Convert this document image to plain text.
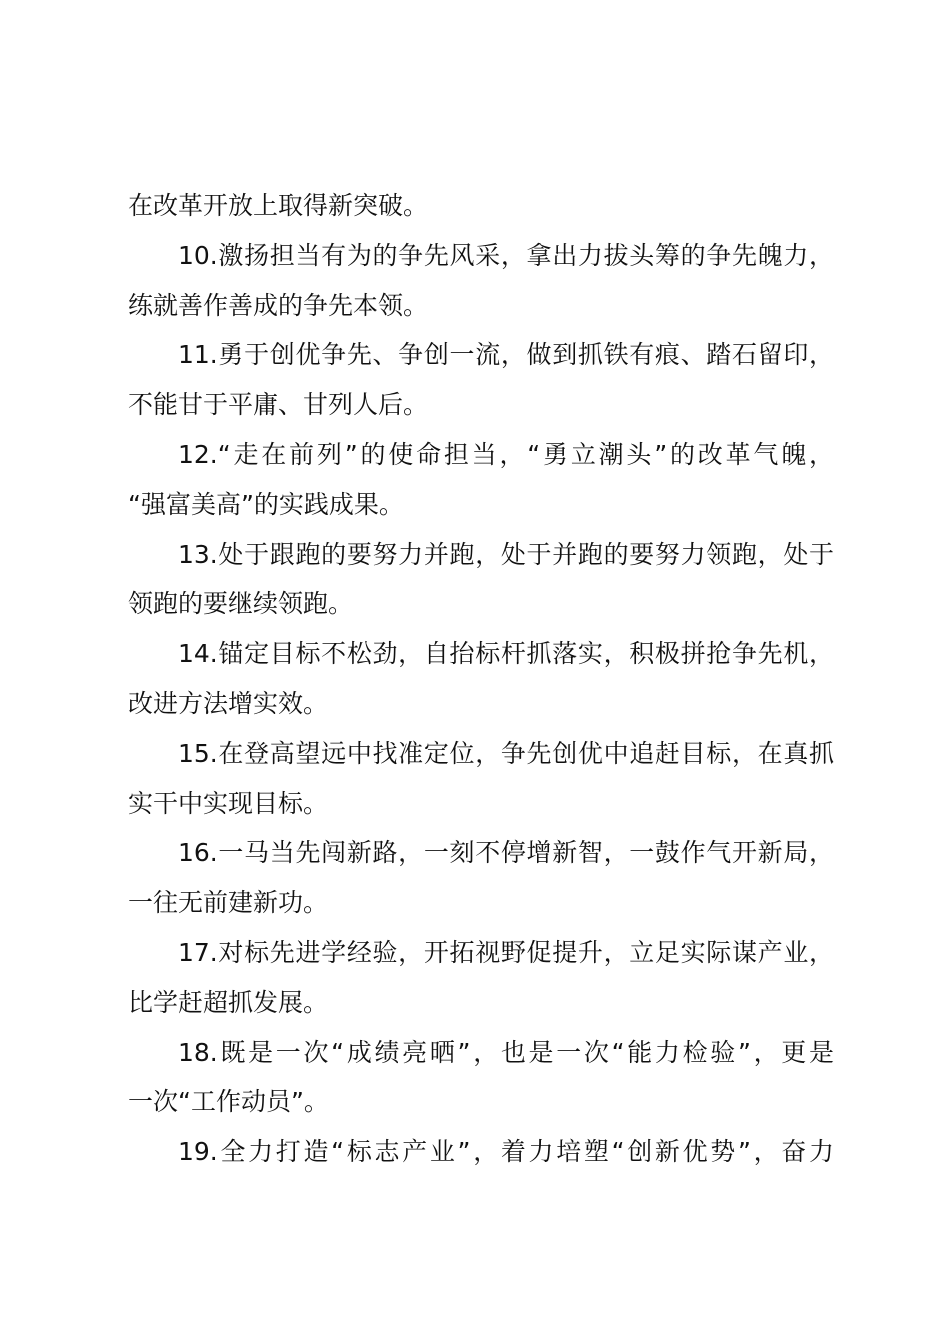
在改革开放上取得新突破。
10.激扬担当有为的争先风采，拿出力拔头筹的争先魄力，
练就善作善成的争先本领。
11.勇于创优争先、争创一流，做到抓铁有痕、踏石留印，
不能甘于平庸、甘列人后。
12.“走在前列”的使命担当，“勇立潮头”的改革气魄，
“强富美高”的实践成果。
13.处于跟跑的要努力并跑，处于并跑的要努力领跑，处于
领跑的要继续领跑。
14.锚定目标不松劲，自抬标杆抓落实，积极拼抢争先机，
改进方法增实效。
15.在登高望远中找准定位，争先创优中追赶目标，在真抓
实干中实现目标。
16.一马当先闯新路，一刻不停增新智，一鼓作气开新局，
一往无前建新功。
17.对标先进学经验，开拓视野促提升，立足实际谋产业，
比学赶超抓发展。
18.既是一次“成绩亮晒”，也是一次“能力检验”，更是
一次“工作动员”。
19.全力打造“标志产业”，着力培塑“创新优势”，奋力
